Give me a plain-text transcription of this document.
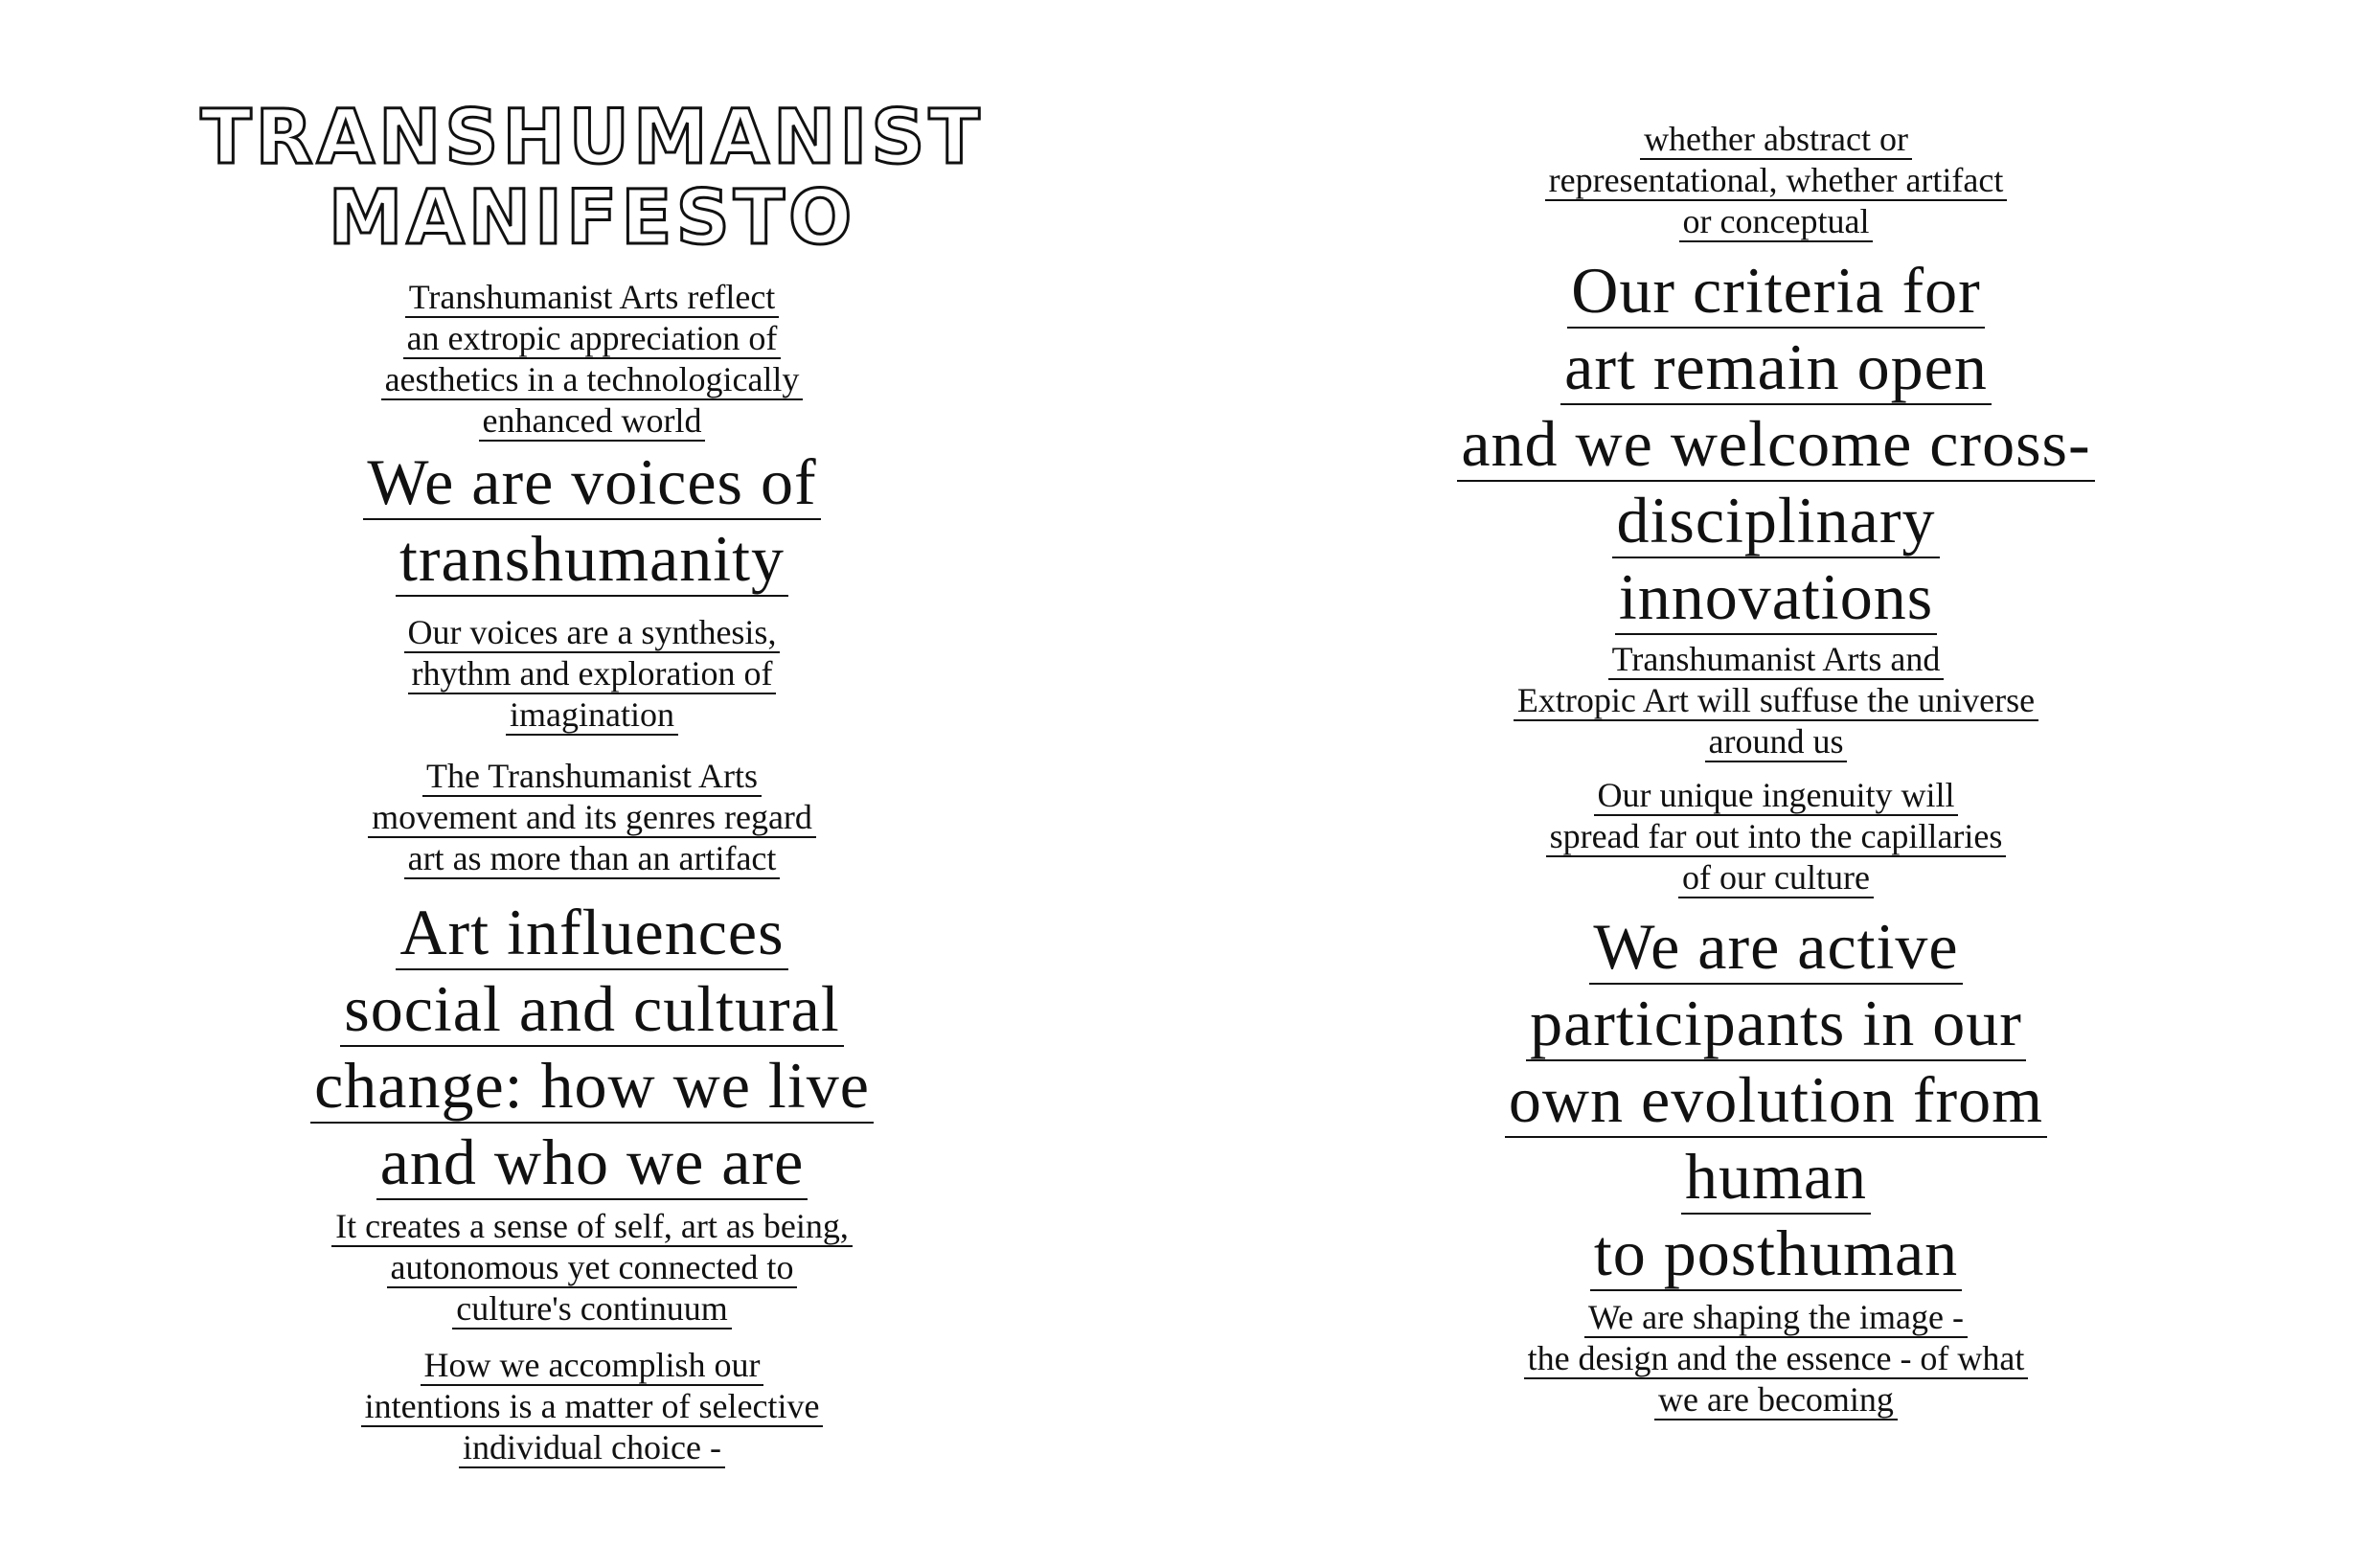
TRANSHUMANIST
MANIFESTO
Transhumanist Arts reflect
an extropic appreciation of
aesthetics in a technologically
enhanced world
We are voices of
transhumanity
Our voices are a synthesis,
rhythm and exploration of
imagination
The Transhumanist Arts
movement and its genres regard
art as more than an artifact
Art influences
social and cultural
change: how we live
and who we are
It creates a sense of self, art as being,
autonomous yet connected to
culture's continuum
How we accomplish our
intentions is a matter of selective
individual choice -
whether abstract or
representational, whether artifact
or conceptual
Our criteria for
art remain open
and we welcome cross-
disciplinary
innovations
Transhumanist Arts and
Extropic Art will suffuse the universe
around us
Our unique ingenuity will
spread far out into the capillaries
of our culture
We are active
participants in our
own evolution from
human
to posthuman
We are shaping the image -
the design and the essence - of what
we are becoming
